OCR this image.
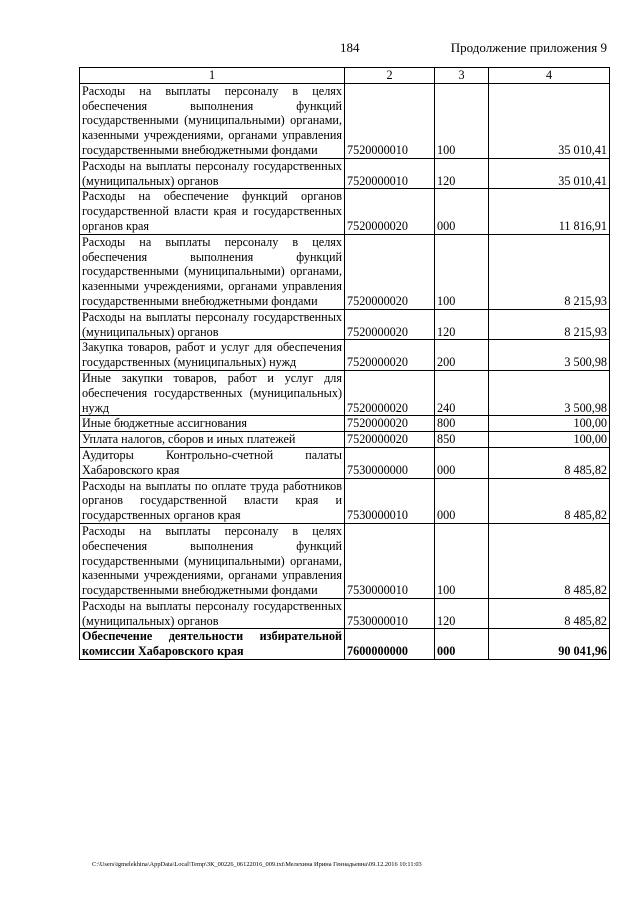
184	Продолжение приложения 9
1	2	3	4
Расходы на выплаты персоналу в целях обеспечения выполнения функций государственными (муниципальными) органами, казенными учреждениями, органами управления государственными внебюджетными фондами	7520000010	100	35 010,41
Расходы на выплаты персоналу государственных (муниципальных) органов	7520000010	120	35 010,41
Расходы на обеспечение функций органов государственной власти края и государственных органов края	7520000020	000	11 816,91
Расходы на выплаты персоналу в целях обеспечения выполнения функций государственными (муниципальными) органами, казенными учреждениями, органами управления государственными внебюджетными фондами	7520000020	100	8 215,93
Расходы на выплаты персоналу государственных (муниципальных) органов	7520000020	120	8 215,93
Закупка товаров, работ и услуг для обеспечения государственных (муниципальных) нужд	7520000020	200	3 500,98
Иные закупки товаров, работ и услуг для обеспечения государственных (муниципальных) нужд	7520000020	240	3 500,98
Иные бюджетные ассигнования	7520000020	800	100,00
Уплата налогов, сборов и иных платежей	7520000020	850	100,00
Аудиторы Контрольно-счетной палаты Хабаровского края	7530000000	000	8 485,82
Расходы на выплаты по оплате труда работников органов государственной власти края и государственных органов края	7530000010	000	8 485,82
Расходы на выплаты персоналу в целях обеспечения выполнения функций государственными (муниципальными) органами, казенными учреждениями, органами управления государственными внебюджетными фондами	7530000010	100	8 485,82
Расходы на выплаты персоналу государственных (муниципальных) органов	7530000010	120	8 485,82
Обеспечение деятельности избирательной комиссии Хабаровского края	7600000000	000	90 041,96
C:\Users\igmelekhina\AppData\Local\Temp\ЗК_00226_06122016_009.txt\Мелехина Ирина Геннадьевна\09.12.2016 10:11:03
